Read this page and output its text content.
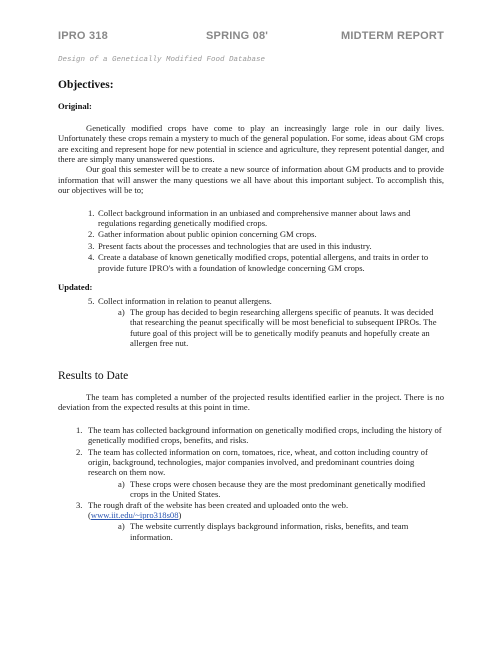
IPRO 318	SPRING 08'	MIDTERM REPORT
Design of a Genetically Modified Food Database
Objectives:
Original:

Genetically modified crops have come to play an increasingly large role in our daily lives. Unfortunately these crops remain a mystery to much of the general population. For some, ideas about GM crops are exciting and represent hope for new potential in science and agriculture, they represent potential danger, and there are simply many unanswered questions.

Our goal this semester will be to create a new source of information about GM products and to provide information that will answer the many questions we all have about this important subject. To accomplish this, our objectives will be to;

1. Collect background information in an unbiased and comprehensive manner about laws and regulations regarding genetically modified crops.
2. Gather information about public opinion concerning GM crops.
3. Present facts about the processes and technologies that are used in this industry.
4. Create a database of known genetically modified crops, potential allergens, and traits in order to provide future IPRO's with a foundation of knowledge concerning GM crops.
Updated:
5. Collect information in relation to peanut allergens.
a) The group has decided to begin researching allergens specific of peanuts. It was decided that researching the peanut specifically will be most beneficial to subsequent IPROs. The future goal of this project will be to genetically modify peanuts and hopefully create an allergen free nut.
Results to Date

The team has completed a number of the projected results identified earlier in the project. There is no deviation from the expected results at this point in time.

1. The team has collected background information on genetically modified crops, including the history of genetically modified crops, benefits, and risks.
2. The team has collected information on corn, tomatoes, rice, wheat, and cotton including country of origin, background, technologies, major companies involved, and predominant countries doing research on them now.
a) These crops were chosen because they are the most predominant genetically modified crops in the United States.
3. The rough draft of the website has been created and uploaded onto the web.
(www.iit.edu/~ipro318s08)
a) The website currently displays background information, risks, benefits, and team information.
